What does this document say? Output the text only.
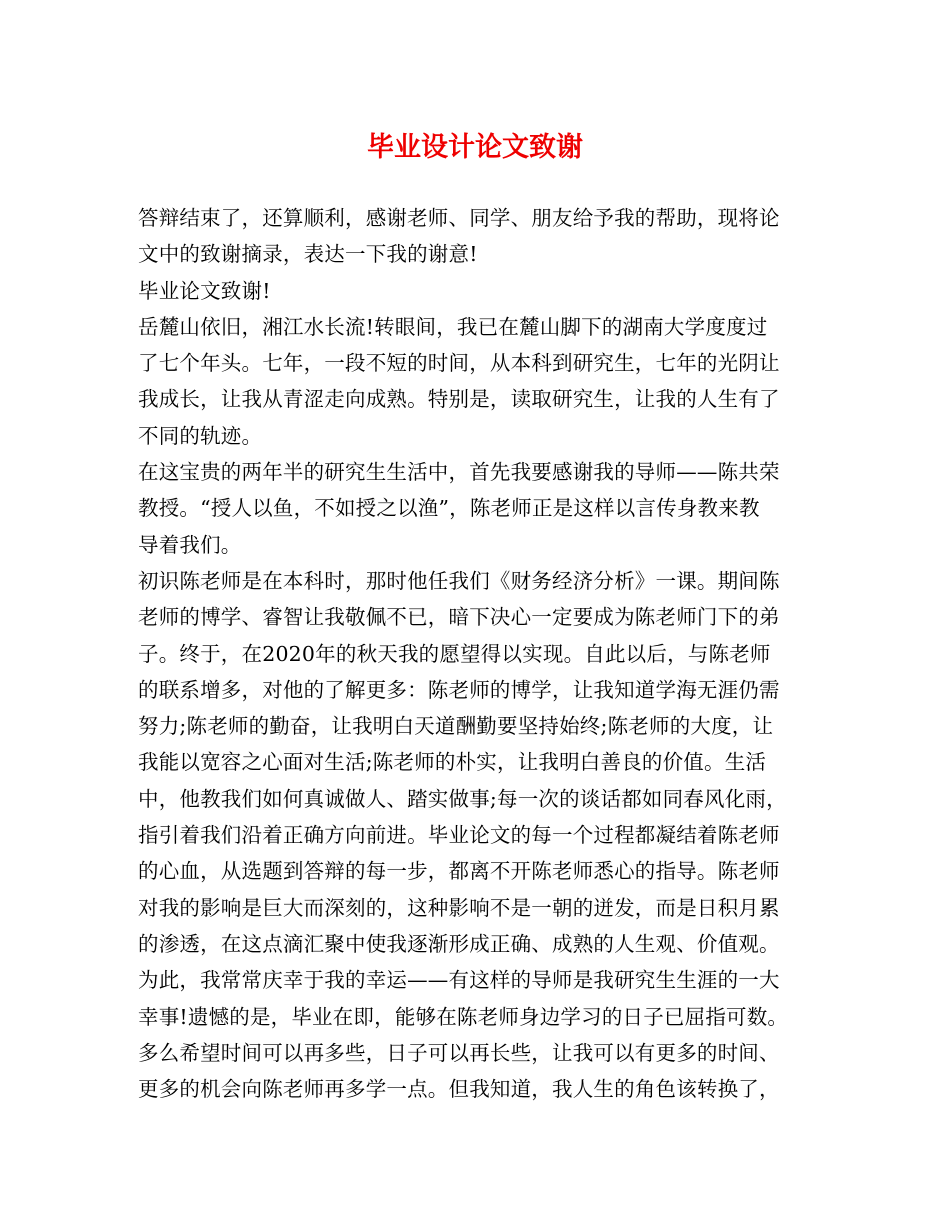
毕业设计论文致谢
答辩结束了，还算顺利，感谢老师、同学、朋友给予我的帮助，现将论
文中的致谢摘录，表达一下我的谢意!
毕业论文致谢!
岳麓山依旧，湘江水长流!转眼间，我已在麓山脚下的湖南大学度度过
了七个年头。七年，一段不短的时间，从本科到研究生，七年的光阴让
我成长，让我从青涩走向成熟。特别是，读取研究生，让我的人生有了
不同的轨迹。
在这宝贵的两年半的研究生生活中，首先我要感谢我的导师——陈共荣
教授。“授人以鱼，不如授之以渔”，陈老师正是这样以言传身教来教
导着我们。
初识陈老师是在本科时，那时他任我们《财务经济分析》一课。期间陈
老师的博学、睿智让我敬佩不已，暗下决心一定要成为陈老师门下的弟
子。终于，在2020年的秋天我的愿望得以实现。自此以后，与陈老师
的联系增多，对他的了解更多：陈老师的博学，让我知道学海无涯仍需
努力;陈老师的勤奋，让我明白天道酬勤要坚持始终;陈老师的大度，让
我能以宽容之心面对生活;陈老师的朴实，让我明白善良的价值。生活
中，他教我们如何真诚做人、踏实做事;每一次的谈话都如同春风化雨，
指引着我们沿着正确方向前进。毕业论文的每一个过程都凝结着陈老师
的心血，从选题到答辩的每一步，都离不开陈老师悉心的指导。陈老师
对我的影响是巨大而深刻的，这种影响不是一朝的迸发，而是日积月累
的渗透，在这点滴汇聚中使我逐渐形成正确、成熟的人生观、价值观。
为此，我常常庆幸于我的幸运——有这样的导师是我研究生生涯的一大
幸事!遗憾的是，毕业在即，能够在陈老师身边学习的日子已屈指可数。
多么希望时间可以再多些，日子可以再长些，让我可以有更多的时间、
更多的机会向陈老师再多学一点。但我知道，我人生的角色该转换了，
